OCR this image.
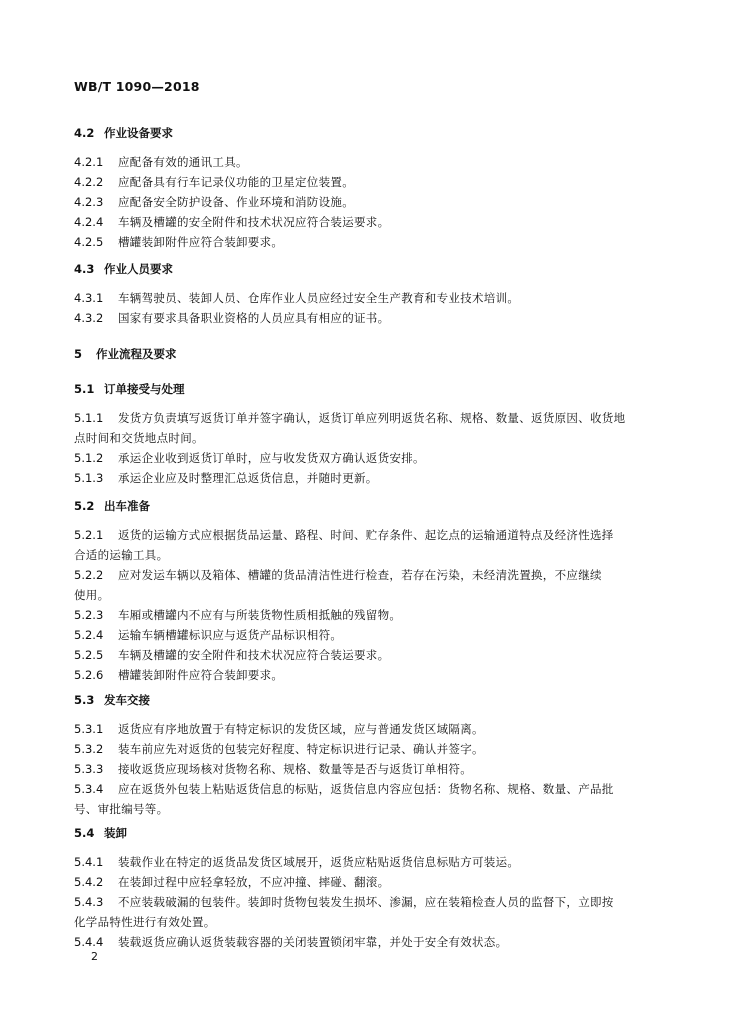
WB/T 1090—2018
4.2 作业设备要求
4.2.1 应配备有效的通讯工具。
4.2.2 应配备具有行车记录仪功能的卫星定位装置。
4.2.3 应配备安全防护设备、作业环境和消防设施。
4.2.4 车辆及槽罐的安全附件和技术状况应符合装运要求。
4.2.5 槽罐装卸附件应符合装卸要求。
4.3 作业人员要求
4.3.1 车辆驾驶员、装卸人员、仓库作业人员应经过安全生产教育和专业技术培训。
4.3.2 国家有要求具备职业资格的人员应具有相应的证书。
5 作业流程及要求
5.1 订单接受与处理
5.1.1 发货方负责填写返货订单并签字确认，返货订单应列明返货名称、规格、数量、返货原因、收货地
点时间和交货地点时间。
5.1.2 承运企业收到返货订单时，应与收发货双方确认返货安排。
5.1.3 承运企业应及时整理汇总返货信息，并随时更新。
5.2 出车准备
5.2.1 返货的运输方式应根据货品运量、路程、时间、贮存条件、起讫点的运输通道特点及经济性选择
合适的运输工具。
5.2.2 应对发运车辆以及箱体、槽罐的货品清洁性进行检查，若存在污染，未经清洗置换，不应继续
使用。
5.2.3 车厢或槽罐内不应有与所装货物性质相抵触的残留物。
5.2.4 运输车辆槽罐标识应与返货产品标识相符。
5.2.5 车辆及槽罐的安全附件和技术状况应符合装运要求。
5.2.6 槽罐装卸附件应符合装卸要求。
5.3 发车交接
5.3.1 返货应有序地放置于有特定标识的发货区域，应与普通发货区域隔离。
5.3.2 装车前应先对返货的包装完好程度、特定标识进行记录、确认并签字。
5.3.3 接收返货应现场核对货物名称、规格、数量等是否与返货订单相符。
5.3.4 应在返货外包装上粘贴返货信息的标贴，返货信息内容应包括：货物名称、规格、数量、产品批
号、审批编号等。
5.4 装卸
5.4.1 装载作业在特定的返货品发货区域展开，返货应粘贴返货信息标贴方可装运。
5.4.2 在装卸过程中应轻拿轻放，不应冲撞、摔碰、翻滚。
5.4.3 不应装载破漏的包装件。装卸时货物包装发生损坏、渗漏，应在装箱检查人员的监督下，立即按
化学品特性进行有效处置。
5.4.4 装载返货应确认返货装载容器的关闭装置锁闭牢靠，并处于安全有效状态。
2
